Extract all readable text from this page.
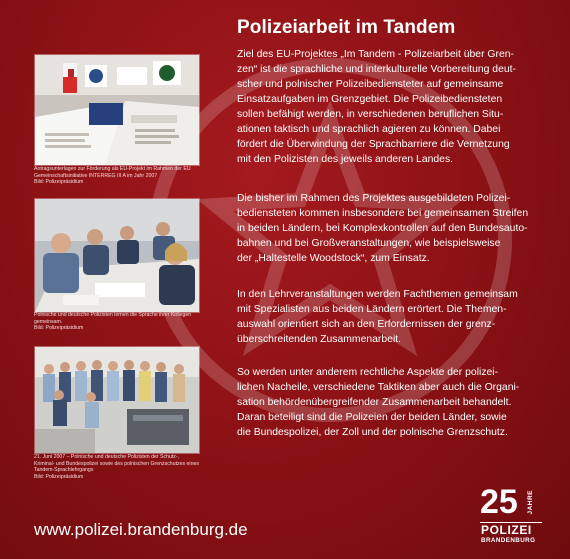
Antragsunterlagen zur Förderung als EU-Projekt im Rahmen der EU
Gemeinschaftsinitiative INTERREG III A im Jahr 2007
Bild: Polizeipräsidium
Polnische und deutsche Polizisten lernen die Sprache ihrer Kollegen
gemeinsam.
Bild: Polizeipräsidium
21. Juni 2007 – Polnische und deutsche Polizisten der Schutz-,
Kriminal- und Bundespolizei sowie des polnischen Grenzschutzes eines
Tandem-Sprachlehrgangs
Bild: Polizeipräsidium
Polizeiarbeit im Tandem

Ziel des EU-Projektes „Im Tandem - Polizeiarbeit über Gren-
zen“ ist die sprachliche und interkulturelle Vorbereitung deut-
scher und polnischer Polizeibediensteter auf gemeinsame
Einsatzaufgaben im Grenzgebiet. Die Polizeibediensteten
sollen befähigt werden, in verschiedenen beruflichen Situ-
ationen taktisch und sprachlich agieren zu können. Dabei
fördert die Überwindung der Sprachbarriere die Vernetzung
mit den Polizisten des jeweils anderen Landes.

Die bisher im Rahmen des Projektes ausgebildeten Polizei-
bediensteten kommen insbesondere bei gemeinsamen Streifen
in beiden Ländern, bei Komplexkontrollen auf den Bundesauto-
bahnen und bei Großveranstaltungen, wie beispielsweise
der „Haltestelle Woodstock“, zum Einsatz.

In den Lehrveranstaltungen werden Fachthemen gemeinsam
mit Spezialisten aus beiden Ländern erörtert. Die Themen-
auswahl orientiert sich an den Erfordernissen der grenz-
überschreitenden Zusammenarbeit.

So werden unter anderem rechtliche Aspekte der polizei-
lichen Nacheile, verschiedene Taktiken aber auch die Organi-
sation behördenübergreifender Zusammenarbeit behandelt.
Daran beteiligt sind die Polizeien der beiden Länder, sowie
die Bundespolizei, der Zoll und der polnische Grenzschutz.

www.polizei.brandenburg.de
25 JAHRE
POLIZEI
BRANDENBURG
